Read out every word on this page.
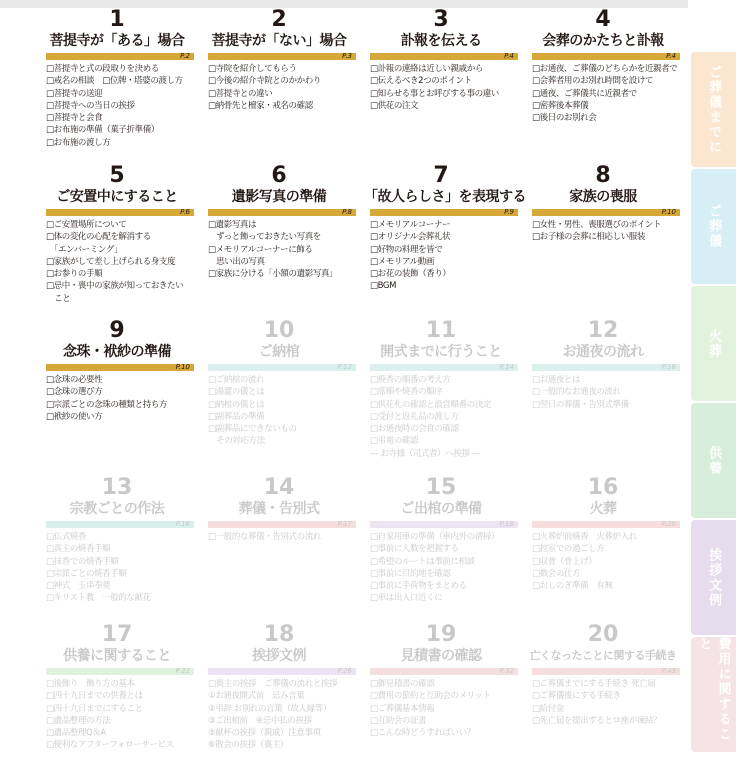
1
菩提寺が「ある」場合
P.2
□菩提寺と式の段取りを決める
□戒名の相談　□位牌・塔婆の渡し方
□菩提寺の送迎
□菩提寺への当日の挨拶
□菩提寺と会食
□お布施の準備（菓子折準備）
□お布施の渡し方
2
菩提寺が「ない」場合
P.3
□寺院を紹介してもらう
□今後の紹介寺院とのかかわり
□菩提寺との違い
□納骨先と檀家・戒名の確認
3
訃報を伝える
P.4
□訃報の連絡は近しい親戚から
□伝えるべき2つのポイント
□知らせる事とお呼びする事の違い
□供花の注文
4
会葬のかたちと訃報
P.4
□お通夜、ご葬儀のどちらかを近親者で
□会葬者用のお別れ時間を設けて
□通夜、ご葬儀共に近親者で
□密葬後本葬儀
□後日のお別れ会
5
ご安置中にすること
P.6
□ご安置場所について
□体の変化の心配を解消する
　「エンバーミング」
□家族がして差し上げられる身支度
□お参りの手順
□忌中・喪中の家族が知っておきたい
　こと
6
遺影写真の準備
P.8
□遺影写真は
　ずっと飾っておきたい写真を
□メモリアルコーナーに飾る
　思い出の写真
□家族に分ける「小額の遺影写真」
7
「故人らしさ」を表現する
P.9
□メモリアルコーナー
□オリジナル会葬礼状
□好物の料理を皆で
□メモリアル動画
□お花の装飾（香り）
□BGM
8
家族の喪服
P.10
□女性・男性、喪服選びのポイント
□お子様の会葬に相応しい服装
9
念珠・袱紗の準備
P.10
□念珠の必要性
□念珠の選び方
□宗派ごとの念珠の種類と持ち方
□袱紗の使い方
10
ご納棺
P.12
□ご納棺の流れ
□湯灌の儀とは
□納棺の儀とは
□副葬品の準備
□副葬品にできないもの
　その対応方法
11
開式までに行うこと
P.14
□焼香の順番の考え方
□席順や焼香の順序
□供花札の確認と設営順番の決定
□受付と返礼品の渡し方
□お通夜時の会食の確認
□弔電の確認
― お寺様（司式者）へ挨拶 ―
12
お通夜の流れ
P.16
□お通夜とは
□一般的なお通夜の流れ
□翌日の葬儀・告別式準備
13
宗教ごとの作法
P.16
□仏式焼香
□真主の焼香手順
□抹香での焼香手順
□宗派ごとの焼香手順
□神式　玉串奉奠
□キリスト教　一般的な献花
14
葬儀・告別式
P.17
□一般的な葬儀・告別式の流れ
15
ご出棺の準備
P.18
□自家用車の準備（車内外の清掃）
□事前に人数を把握する
□希望のルートは事前に相談
□事前に目的地を確認
□事前に手荷物をまとめる
□車は出入口近くに
16
火葬
P.20
□火葬炉前焼香　火葬炉入れ
□控室での過ごし方
□収骨（骨上げ）
□数会の仕方
□おしのぎ準備　有無
17
供養に関すること
P.22
□後飾り　飾り方の基本
□四十九日までの供養とは
□四十九日までにすること
□遺品整理の方法
□遺品整理Q＆A
□便利なアフターフォローサービス
18
挨拶文例
P.26
□喪主の挨拶　ご葬儀の流れと挨拶
①お通夜開式前　忌み言葉
②弔辞 お別れの言葉（故人縁等）
③ご出棺前　④忌中払の挨拶
⑤献杯の挨拶（親戚）注意事項
⑥散会の挨拶（喪主）
19
見積書の確認
P.32
□御見積書の確認
□費用の節約と互助会のメリット
□ご葬儀基本情報
□互助会の証書
□こんな時どうすればいい？
20
亡くなったことに関する手続き
P.43
□ご葬儀までにする手続き 死亡届
□ご葬儀後にする手続き
□給付金
□死亡届を提出するとロ座が凍結？
ご葬儀までに
ご葬儀
火葬
供養
挨拶文例
費用に関すること
